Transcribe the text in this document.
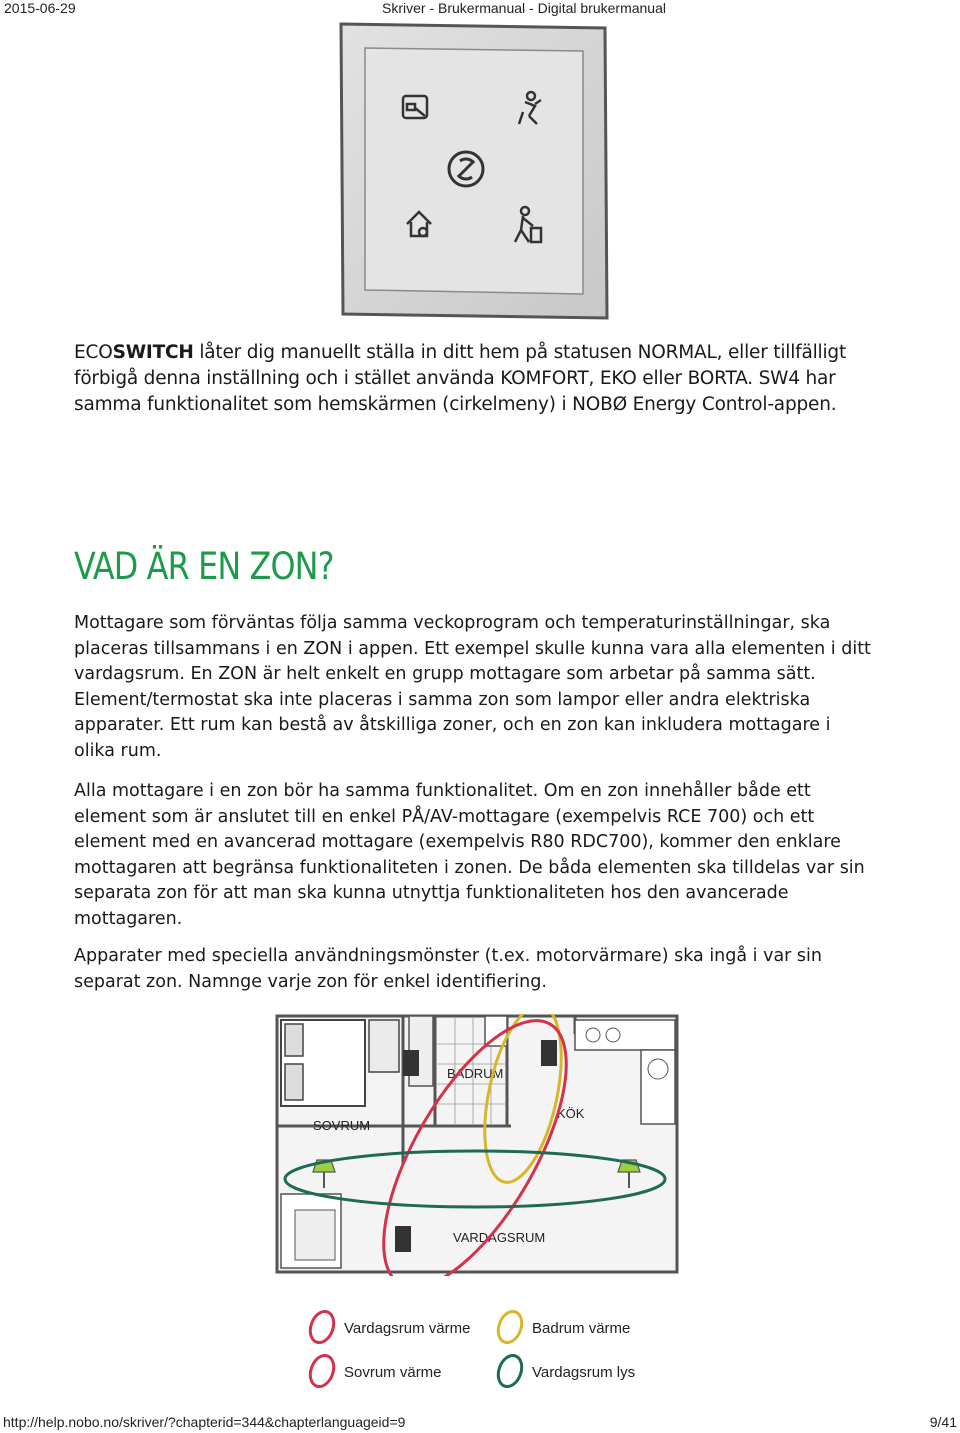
2015-06-29	Skriver - Brukermanual - Digital brukermanual

ECOSWITCH låter dig manuellt ställa in ditt hem på statusen NORMAL, eller tillfälligt förbigå denna inställning och i stället använda KOMFORT, EKO eller BORTA. SW4 har samma funktionalitet som hemskärmen (cirkelmeny) i NOBØ Energy Control-appen.

VAD ÄR EN ZON?

Mottagare som förväntas följa samma veckoprogram och temperaturinställningar, ska placeras tillsammans i en ZON i appen. Ett exempel skulle kunna vara alla elementen i ditt vardagsrum. En ZON är helt enkelt en grupp mottagare som arbetar på samma sätt. Element/termostat ska inte placeras i samma zon som lampor eller andra elektriska apparater. Ett rum kan bestå av åtskilliga zoner, och en zon kan inkludera mottagare i olika rum.

Alla mottagare i en zon bör ha samma funktionalitet. Om en zon innehåller både ett element som är anslutet till en enkel PÅ/AV-mottagare (exempelvis RCE 700) och ett element med en avancerad mottagare (exempelvis R80 RDC700), kommer den enklare mottagaren att begränsa funktionaliteten i zonen. De båda elementen ska tilldelas var sin separata zon för att man ska kunna utnyttja funktionaliteten hos den avancerade mottagaren.

Apparater med speciella användningsmönster (t.ex. motorvärmare) ska ingå i var sin separat zon. Namnge varje zon för enkel identifiering.

SOVRUM
BADRUM
KÖK
VARDAGSRUM
Vardagsrum värme	Badrum värme
Sovrum värme	Vardagsrum lys
http://help.nobo.no/skriver/?chapterid=344&chapterlanguageid=9	9/41
